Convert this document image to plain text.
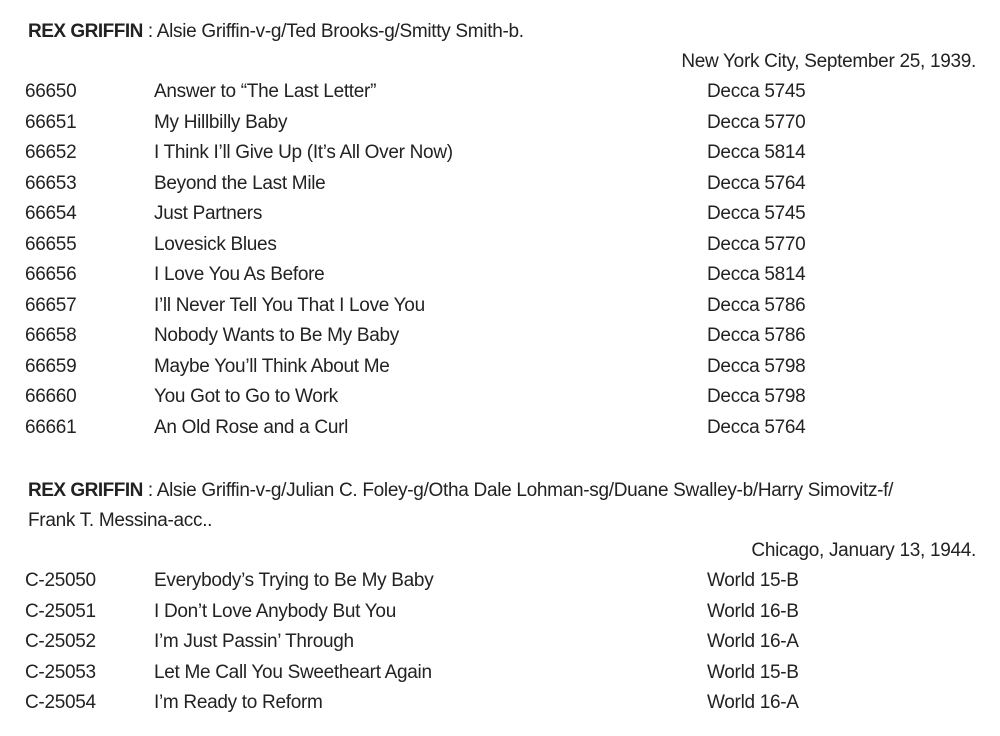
REX GRIFFIN : Alsie Griffin-v-g/Ted Brooks-g/Smitty Smith-b.
New York City, September 25, 1939.
66650	Answer to “The Last Letter”	Decca 5745
66651	My Hillbilly Baby	Decca 5770
66652	I Think I’ll Give Up (It’s All Over Now)	Decca 5814
66653	Beyond the Last Mile	Decca 5764
66654	Just Partners	Decca 5745
66655	Lovesick Blues	Decca 5770
66656	I Love You As Before	Decca 5814
66657	I’ll Never Tell You That I Love You	Decca 5786
66658	Nobody Wants to Be My Baby	Decca 5786
66659	Maybe You’ll Think About Me	Decca 5798
66660	You Got to Go to Work	Decca 5798
66661	An Old Rose and a Curl	Decca 5764
REX GRIFFIN : Alsie Griffin-v-g/Julian C. Foley-g/Otha Dale Lohman-sg/Duane Swalley-b/Harry Simovitz-f/ Frank T. Messina-acc..
Chicago, January 13, 1944.
C-25050	Everybody’s Trying to Be My Baby	World 15-B
C-25051	I Don’t Love Anybody But You	World 16-B
C-25052	I’m Just Passin’ Through	World 16-A
C-25053	Let Me Call You Sweetheart Again	World 15-B
C-25054	I’m Ready to Reform	World 16-A
